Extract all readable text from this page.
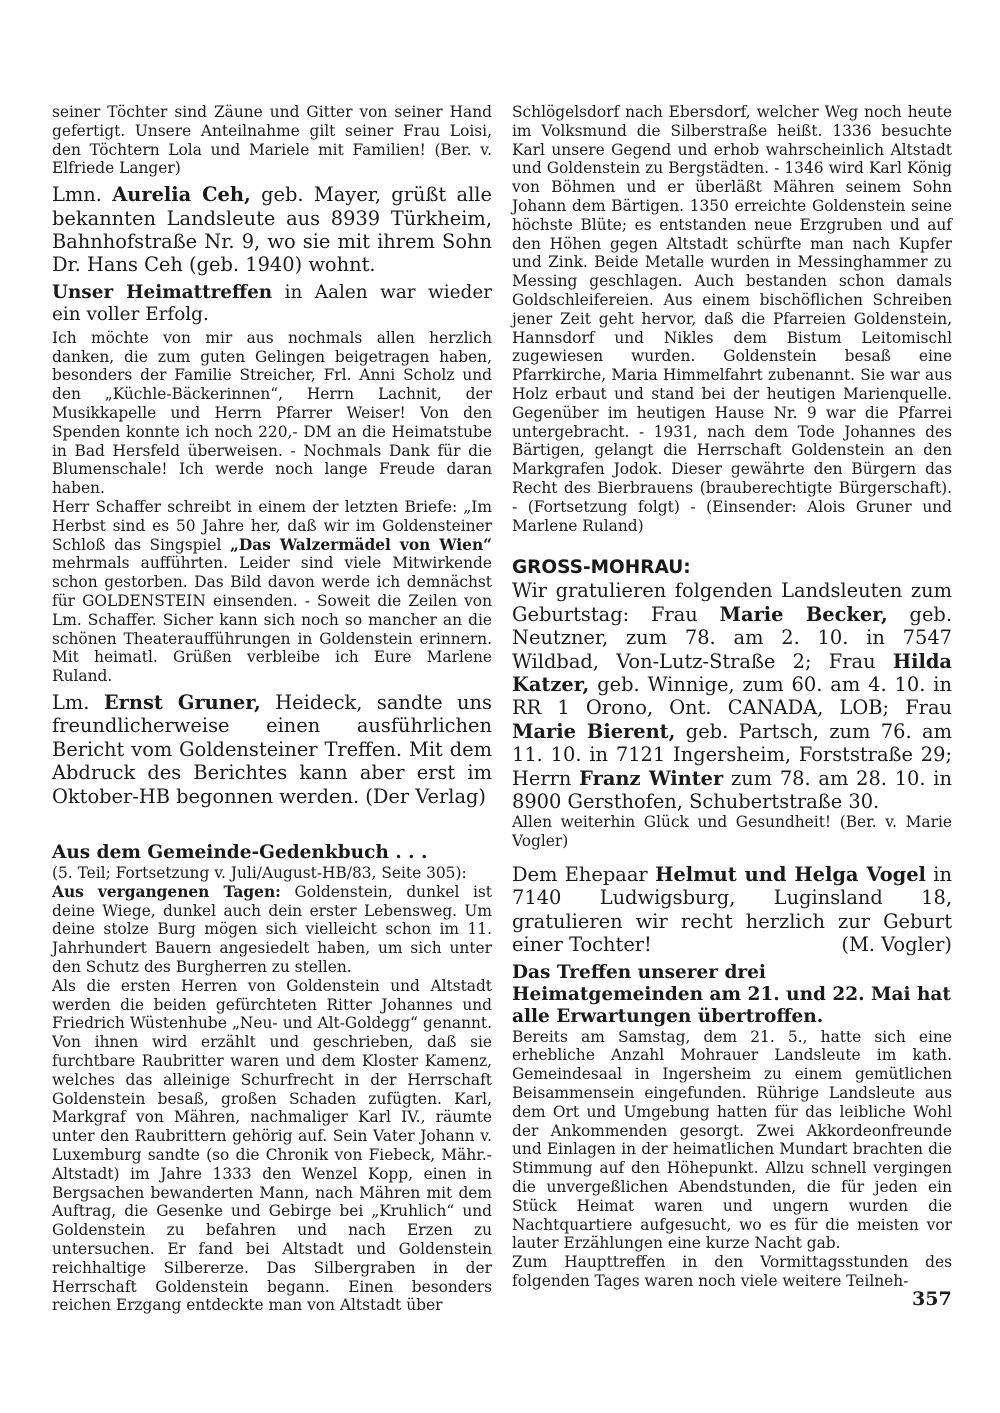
seiner Töchter sind Zäune und Gitter von seiner Hand gefertigt. Unsere Anteilnahme gilt seiner Frau Loisi, den Töchtern Lola und Mariele mit Familien! (Ber. v. Elfriede Langer)

Lmn. Aurelia Ceh, geb. Mayer, grüßt alle bekannten Landsleute aus 8939 Türkheim, Bahnhofstraße Nr. 9, wo sie mit ihrem Sohn Dr. Hans Ceh (geb. 1940) wohnt.

Unser Heimattreffen in Aalen war wieder ein voller Erfolg.

Ich möchte von mir aus nochmals allen herzlich danken, die zum guten Gelingen beigetragen haben, besonders der Familie Streicher, Frl. Anni Scholz und den „Küchle-Bäckerinnen“, Herrn Lachnit, der Musikkapelle und Herrn Pfarrer Weiser! Von den Spenden konnte ich noch 220,- DM an die Heimatstube in Bad Hersfeld überweisen. - Nochmals Dank für die Blumenschale! Ich werde noch lange Freude daran haben.

Herr Schaffer schreibt in einem der letzten Briefe: „Im Herbst sind es 50 Jahre her, daß wir im Goldensteiner Schloß das Singspiel „Das Walzermädel von Wien“ mehrmals aufführten. Leider sind viele Mitwirkende schon gestorben. Das Bild davon werde ich demnächst für GOLDENSTEIN einsenden. - Soweit die Zeilen von Lm. Schaffer. Sicher kann sich noch so mancher an die schönen Theateraufführungen in Goldenstein erinnern. Mit heimatl. Grüßen verbleibe ich Eure Marlene Ruland.

Lm. Ernst Gruner, Heideck, sandte uns freundlicherweise einen ausführlichen Bericht vom Goldensteiner Treffen. Mit dem Abdruck des Berichtes kann aber erst im Oktober-HB begonnen werden. (Der Verlag)

Aus dem Gemeinde-Gedenkbuch . . .

(5. Teil; Fortsetzung v. Juli/August-HB/83, Seite 305):

Aus vergangenen Tagen: Goldenstein, dunkel ist deine Wiege, dunkel auch dein erster Lebensweg. Um deine stolze Burg mögen sich vielleicht schon im 11. Jahrhundert Bauern angesiedelt haben, um sich unter den Schutz des Burgherren zu stellen.

Als die ersten Herren von Goldenstein und Altstadt werden die beiden gefürchteten Ritter Johannes und Friedrich Wüstenhube „Neu- und Alt-Goldegg“ genannt. Von ihnen wird erzählt und geschrieben, daß sie furchtbare Raubritter waren und dem Kloster Kamenz, welches das alleinige Schurfrecht in der Herrschaft Goldenstein besaß, großen Schaden zufügten. Karl, Markgraf von Mähren, nachmaliger Karl IV., räumte unter den Raubrittern gehörig auf. Sein Vater Johann v. Luxemburg sandte (so die Chronik von Fiebeck, Mähr.-Altstadt) im Jahre 1333 den Wenzel Kopp, einen in Bergsachen bewanderten Mann, nach Mähren mit dem Auftrag, die Gesenke und Gebirge bei „Kruhlich“ und Goldenstein zu befahren und nach Erzen zu untersuchen. Er fand bei Altstadt und Goldenstein reichhaltige Silbererze. Das Silbergraben in der Herrschaft Goldenstein begann. Einen besonders reichen Erzgang entdeckte man von Altstadt über

Schlögelsdorf nach Ebersdorf, welcher Weg noch heute im Volksmund die Silberstraße heißt. 1336 besuchte Karl unsere Gegend und erhob wahrscheinlich Altstadt und Goldenstein zu Bergstädten. - 1346 wird Karl König von Böhmen und er überläßt Mähren seinem Sohn Johann dem Bärtigen. 1350 erreichte Goldenstein seine höchste Blüte; es entstanden neue Erzgruben und auf den Höhen gegen Altstadt schürfte man nach Kupfer und Zink. Beide Metalle wurden in Messinghammer zu Messing geschlagen. Auch bestanden schon damals Goldschleifereien. Aus einem bischöflichen Schreiben jener Zeit geht hervor, daß die Pfarreien Goldenstein, Hannsdorf und Nikles dem Bistum Leitomischl zugewiesen wurden. Goldenstein besaß eine Pfarrkirche, Maria Himmelfahrt zubenannt. Sie war aus Holz erbaut und stand bei der heutigen Marienquelle. Gegenüber im heutigen Hause Nr. 9 war die Pfarrei untergebracht. - 1931, nach dem Tode Johannes des Bärtigen, gelangt die Herrschaft Goldenstein an den Markgrafen Jodok. Dieser gewährte den Bürgern das Recht des Bierbrauens (brauberechtigte Bürgerschaft). - (Fortsetzung folgt) - (Einsender: Alois Gruner und Marlene Ruland)

GROSS-MOHRAU:

Wir gratulieren folgenden Landsleuten zum Geburtstag: Frau Marie Becker, geb. Neutzner, zum 78. am 2. 10. in 7547 Wildbad, Von-Lutz-Straße 2; Frau Hilda Katzer, geb. Winnige, zum 60. am 4. 10. in RR 1 Orono, Ont. CANADA, LOB; Frau Marie Bierent, geb. Partsch, zum 76. am 11. 10. in 7121 Ingersheim, Forststraße 29; Herrn Franz Winter zum 78. am 28. 10. in 8900 Gersthofen, Schubertstraße 30.

Allen weiterhin Glück und Gesundheit! (Ber. v. Marie Vogler)

Dem Ehepaar Helmut und Helga Vogel in 7140 Ludwigsburg, Luginsland 18, gratulieren wir recht herzlich zur Geburt einer Tochter!	(M. Vogler)

Das Treffen unserer drei Heimatgemeinden am 21. und 22. Mai hat alle Erwartungen übertroffen.

Bereits am Samstag, dem 21. 5., hatte sich eine erhebliche Anzahl Mohrauer Landsleute im kath. Gemeindesaal in Ingersheim zu einem gemütlichen Beisammensein eingefunden. Rührige Landsleute aus dem Ort und Umgebung hatten für das leibliche Wohl der Ankommenden gesorgt. Zwei Akkordeonfreunde und Einlagen in der heimatlichen Mundart brachten die Stimmung auf den Höhepunkt. Allzu schnell vergingen die unvergeßlichen Abendstunden, die für jeden ein Stück Heimat waren und ungern wurden die Nachtquartiere aufgesucht, wo es für die meisten vor lauter Erzählungen eine kurze Nacht gab.

Zum Haupttreffen in den Vormittagsstunden des folgenden Tages waren noch viele weitere Teilneh-

357
